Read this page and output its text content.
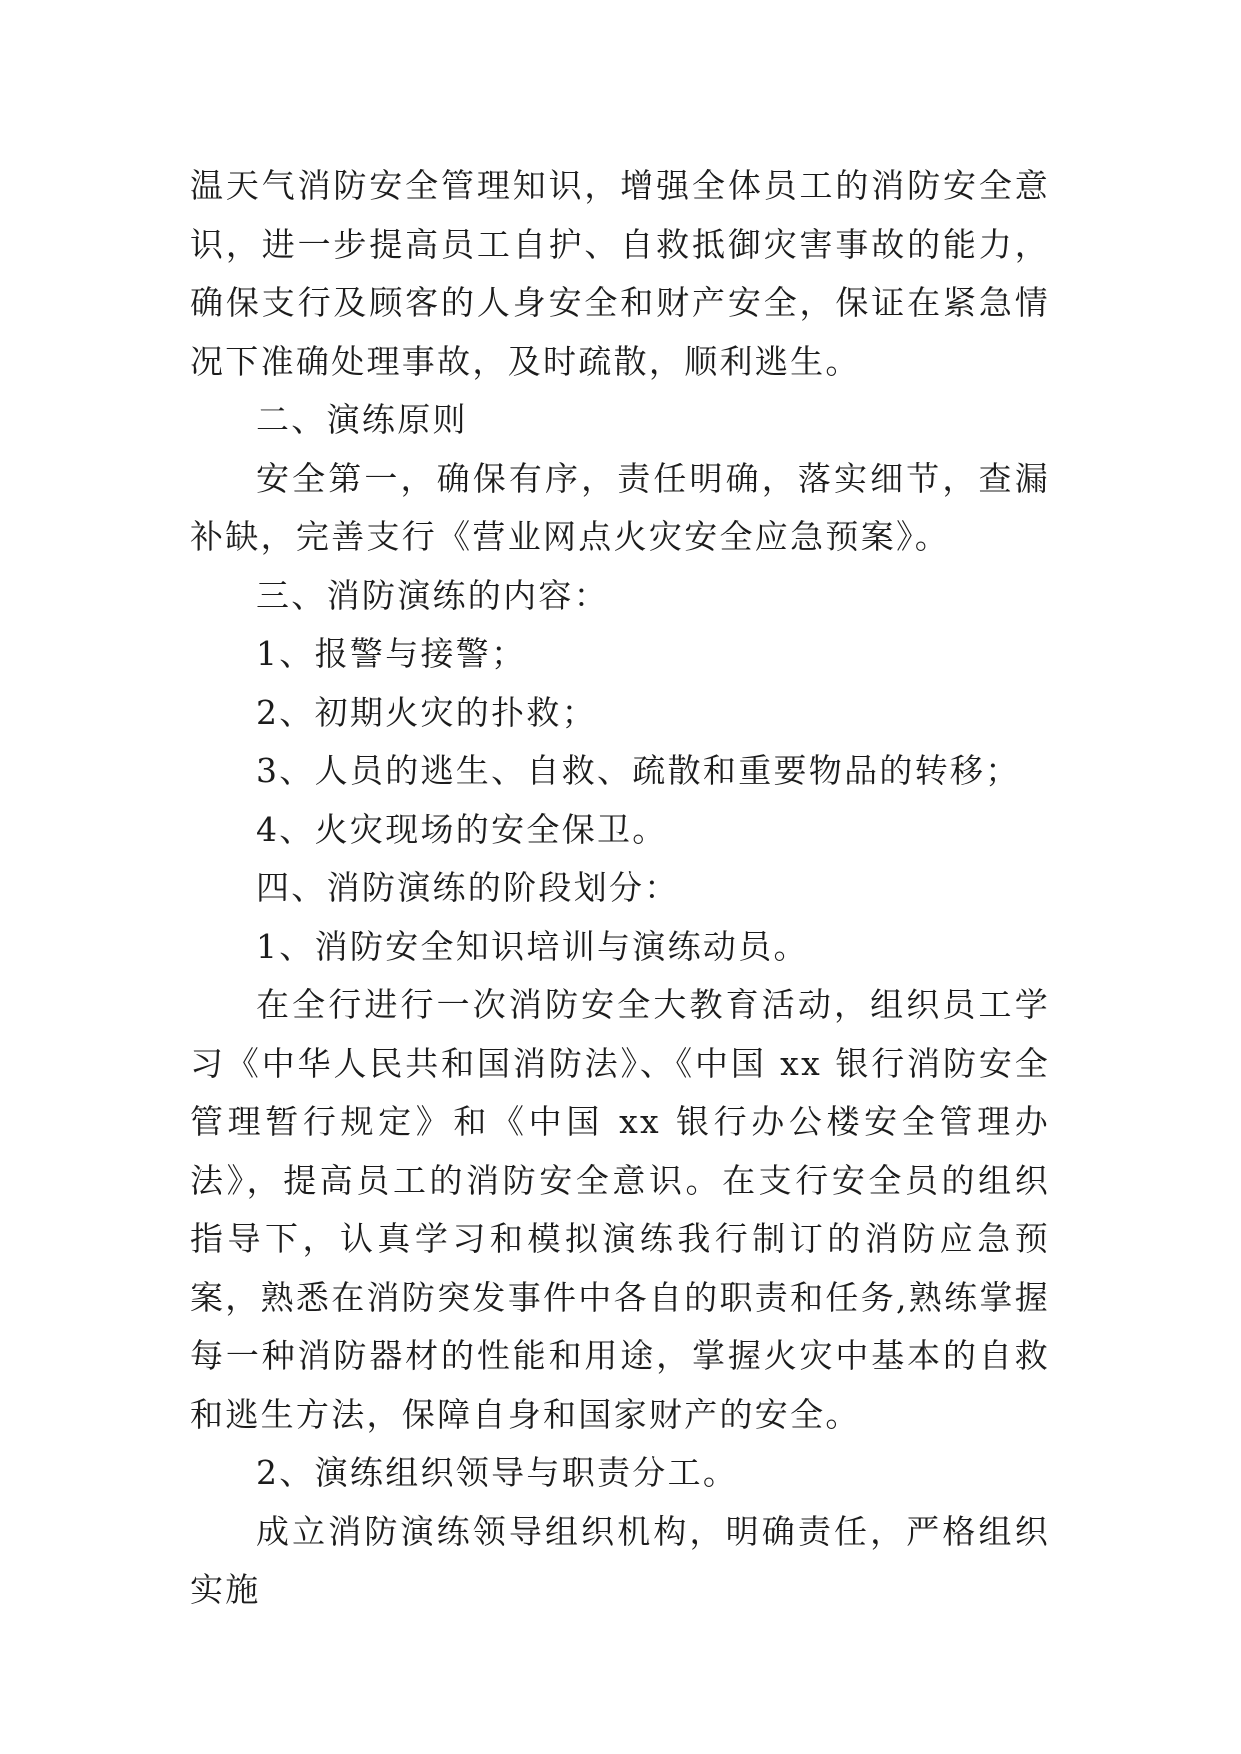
温天气消防安全管理知识，增强全体员工的消防安全意识，进一步提高员工自护、自救抵御灾害事故的能力，确保支行及顾客的人身安全和财产安全，保证在紧急情况下准确处理事故，及时疏散，顺利逃生。

二、演练原则

安全第一，确保有序，责任明确，落实细节，查漏补缺，完善支行《营业网点火灾安全应急预案》。

三、消防演练的内容：

1、报警与接警；

2、初期火灾的扑救；

3、人员的逃生、自救、疏散和重要物品的转移；

4、火灾现场的安全保卫。

四、消防演练的阶段划分：

1、消防安全知识培训与演练动员。

在全行进行一次消防安全大教育活动，组织员工学习《中华人民共和国消防法》、《中国 xx 银行消防安全管理暂行规定》和《中国 xx 银行办公楼安全管理办法》，提高员工的消防安全意识。在支行安全员的组织指导下，认真学习和模拟演练我行制订的消防应急预案，熟悉在消防突发事件中各自的职责和任务,熟练掌握每一种消防器材的性能和用途，掌握火灾中基本的自救和逃生方法，保障自身和国家财产的安全。

2、演练组织领导与职责分工。

成立消防演练领导组织机构，明确责任，严格组织实施
